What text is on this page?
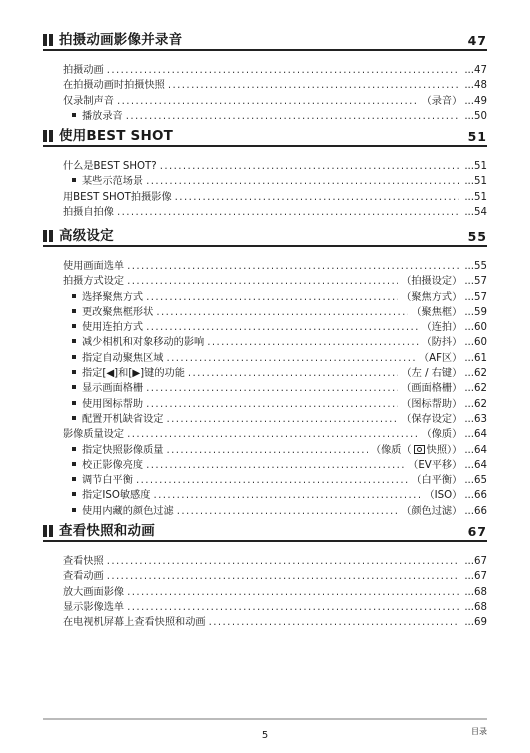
拍摄动画影像并录音	47
拍摄动画 .....	...47
在拍摄动画时拍摄快照 .....	...48
仅录制声音 .....	（录音） ...49
播放录音 .....	...50
使用BEST SHOT	51
什么是BEST SHOT? .....	...51
某些示范场景 .....	...51
用BEST SHOT拍摄影像 .....	...51
拍摄自拍像 .....	...54
高级设定	55
使用画面选单 .....	...55
拍摄方式设定 .....	（拍摄设定） ...57
选择聚焦方式 .....	（聚焦方式） ...57
更改聚焦框形状 .....	（聚焦框） ...59
使用连拍方式 .....	（连拍） ...60
减少相机和对象移动的影响 .....	（防抖） ...60
指定自动聚焦区域 .....	（AF区） ...61
指定[◀]和[▶]键的功能 .....	（左 / 右键） ...62
显示画面格栅 .....	（画面格栅） ...62
使用图标帮助 .....	（图标帮助） ...62
配置开机缺省设定 .....	（保存设定） ...63
影像质量设定 .....	（像质） ...64
指定快照影像质量 .....	（像质（ 快照）） ...64
校正影像亮度 .....	（EV平移） ...64
调节白平衡 .....	（白平衡） ...65
指定ISO敏感度 .....	（ISO） ...66
使用内藏的颜色过滤 .....	（颜色过滤） ...66
查看快照和动画	67
查看快照 .....	...67
查看动画 .....	...67
放大画面影像 .....	...68
显示影像选单 .....	...68
在电视机屏幕上查看快照和动画 .....	...69
5	目录
